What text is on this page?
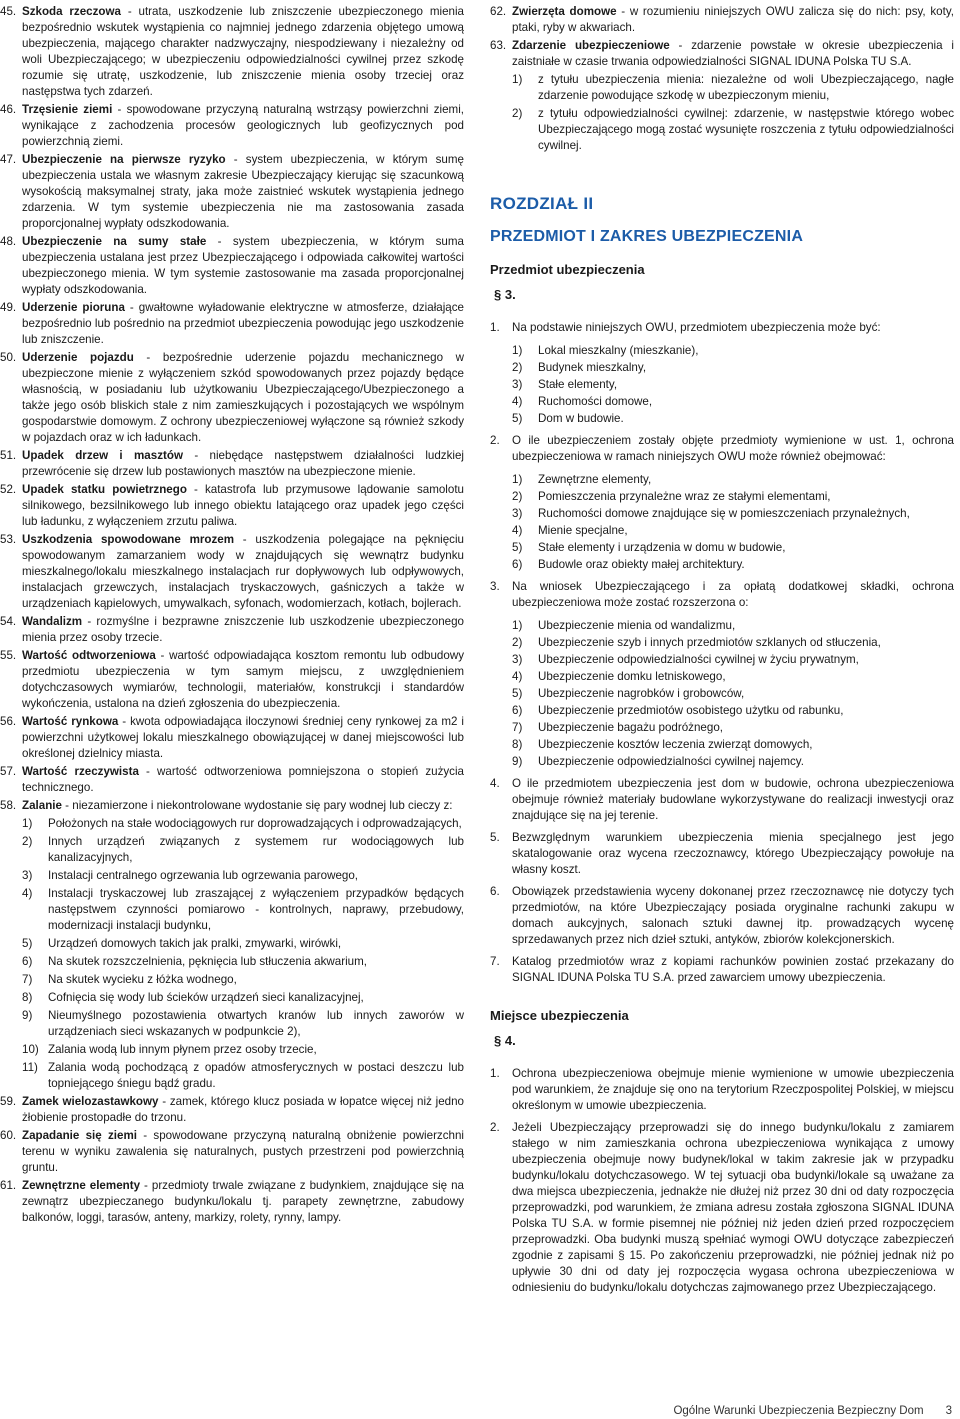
45. Szkoda rzeczowa - utrata, uszkodzenie lub zniszczenie ubezpieczonego mienia bezpośrednio wskutek wystąpienia co najmniej jednego zdarzenia objętego umową ubezpieczenia, mającego charakter nadzwyczajny, niespodziewany i niezależny od woli Ubezpieczającego; w ubezpieczeniu odpowiedzialności cywilnej przez szkodę rozumie się utratę, uszkodzenie, lub zniszczenie mienia osoby trzeciej oraz następstwa tych zdarzeń.
46. Trzęsienie ziemi - spowodowane przyczyną naturalną wstrząsy powierzchni ziemi, wynikające z zachodzenia procesów geologicznych lub geofizycznych pod powierzchnią ziemi.
47. Ubezpieczenie na pierwsze ryzyko - system ubezpieczenia, w którym sumę ubezpieczenia ustala we własnym zakresie Ubezpieczający kierując się szacunkową wysokością maksymalnej straty, jaka może zaistnieć wskutek wystąpienia jednego zdarzenia. W tym systemie ubezpieczenia nie ma zastosowania zasada proporcjonalnej wypłaty odszkodowania.
48. Ubezpieczenie na sumy stałe - system ubezpieczenia, w którym suma ubezpieczenia ustalana jest przez Ubezpieczającego i odpowiada całkowitej wartości ubezpieczonego mienia. W tym systemie zastosowanie ma zasada proporcjonalnej wypłaty odszkodowania.
49. Uderzenie pioruna - gwałtowne wyładowanie elektryczne w atmosferze, działające bezpośrednio lub pośrednio na przedmiot ubezpieczenia powodując jego uszkodzenie lub zniszczenie.
50. Uderzenie pojazdu - bezpośrednie uderzenie pojazdu mechanicznego w ubezpieczone mienie z wyłączeniem szkód spowodowanych przez pojazdy będące własnością, w posiadaniu lub użytkowaniu Ubezpieczającego/Ubezpieczonego a także jego osób bliskich stale z nim zamieszkujących i pozostających we wspólnym gospodarstwie domowym. Z ochrony ubezpieczeniowej wyłączone są również szkody w pojazdach oraz w ich ładunkach.
51. Upadek drzew i masztów - niebędące następstwem działalności ludzkiej przewrócenie się drzew lub postawionych masztów na ubezpieczone mienie.
52. Upadek statku powietrznego - katastrofa lub przymusowe lądowanie samolotu silnikowego, bezsilnikowego lub innego obiektu latającego oraz upadek jego części lub ładunku, z wyłączeniem zrzutu paliwa.
53. Uszkodzenia spowodowane mrozem - uszkodzenia polegające na pęknięciu spowodowanym zamarzaniem wody w znajdujących się wewnątrz budynku mieszkalnego/lokalu mieszkalnego instalacjach rur dopływowych lub odpływowych, instalacjach grzewczych, instalacjach tryskaczowych, gaśniczych a także w urządzeniach kąpielowych, umywalkach, syfonach, wodomierzach, kotłach, bojlerach.
54. Wandalizm - rozmyślne i bezprawne zniszczenie lub uszkodzenie ubezpieczonego mienia przez osoby trzecie.
55. Wartość odtworzeniowa - wartość odpowiadająca kosztom remontu lub odbudowy przedmiotu ubezpieczenia w tym samym miejscu, z uwzględnieniem dotychczasowych wymiarów, technologii, materiałów, konstrukcji i standardów wykończenia, ustalona na dzień zgłoszenia do ubezpieczenia.
56. Wartość rynkowa - kwota odpowiadająca iloczynowi średniej ceny rynkowej za m2 i powierzchni użytkowej lokalu mieszkalnego obowiązującej w danej miejscowości lub określonej dzielnicy miasta.
57. Wartość rzeczywista - wartość odtworzeniowa pomniejszona o stopień zużycia technicznego.
58. Zalanie - niezamierzone i niekontrolowane wydostanie się pary wodnej lub cieczy z:
1) Położonych na stałe wodociągowych rur doprowadzających i odprowadzających,
2) Innych urządzeń związanych z systemem rur wodociągowych lub kanalizacyjnych,
3) Instalacji centralnego ogrzewania lub ogrzewania parowego,
4) Instalacji tryskaczowej lub zraszającej z wyłączeniem przypadków będących następstwem czynności pomiarowo - kontrolnych, naprawy, przebudowy, modernizacji instalacji budynku,
5) Urządzeń domowych takich jak pralki, zmywarki, wirówki,
6) Na skutek rozszczelnienia, pęknięcia lub stłuczenia akwarium,
7) Na skutek wycieku z łóżka wodnego,
8) Cofnięcia się wody lub ścieków urządzeń sieci kanalizacyjnej,
9) Nieumyślnego pozostawienia otwartych kranów lub innych zaworów w urządzeniach sieci wskazanych w podpunkcie 2),
10) Zalania wodą lub innym płynem przez osoby trzecie,
11) Zalania wodą pochodzącą z opadów atmosferycznych w postaci deszczu lub topniejącego śniegu bądź gradu.
59. Zamek wielozastawkowy - zamek, którego klucz posiada w łopatce więcej niż jedno żłobienie prostopadłe do trzonu.
60. Zapadanie się ziemi - spowodowane przyczyną naturalną obniżenie powierzchni terenu w wyniku zawalenia się naturalnych, pustych przestrzeni pod powierzchnią gruntu.
61. Zewnętrzne elementy - przedmioty trwale związane z budynkiem, znajdujące się na zewnątrz ubezpieczanego budynku/lokalu tj. parapety zewnętrzne, zabudowy balkonów, loggi, tarasów, anteny, markizy, rolety, rynny, lampy.
62. Zwierzęta domowe - w rozumieniu niniejszych OWU zalicza się do nich: psy, koty, ptaki, ryby w akwariach.
63. Zdarzenie ubezpieczeniowe - zdarzenie powstałe w okresie ubezpieczenia i zaistniałe w czasie trwania odpowiedzialności SIGNAL IDUNA Polska TU S.A.
1) z tytułu ubezpieczenia mienia: niezależne od woli Ubezpieczającego, nagłe zdarzenie powodujące szkodę w ubezpieczonym mieniu,
2) z tytułu odpowiedzialności cywilnej: zdarzenie, w następstwie którego wobec Ubezpieczającego mogą zostać wysunięte roszczenia z tytułu odpowiedzialności cywilnej.
ROZDZIAŁ II
PRZEDMIOT I ZAKRES UBEZPIECZENIA
Przedmiot ubezpieczenia
§ 3.
1. Na podstawie niniejszych OWU, przedmiotem ubezpieczenia może być:
1) Lokal mieszkalny (mieszkanie),
2) Budynek mieszkalny,
3) Stałe elementy,
4) Ruchomości domowe,
5) Dom w budowie.
2. O ile ubezpieczeniem zostały objęte przedmioty wymienione w ust. 1, ochrona ubezpieczeniowa w ramach niniejszych OWU może również obejmować:
1) Zewnętrzne elementy,
2) Pomieszczenia przynależne wraz ze stałymi elementami,
3) Ruchomości domowe znajdujące się w pomieszczeniach przynależnych,
4) Mienie specjalne,
5) Stałe elementy i urządzenia w domu w budowie,
6) Budowle oraz obiekty małej architektury.
3. Na wniosek Ubezpieczającego i za opłatą dodatkowej składki, ochrona ubezpieczeniowa może zostać rozszerzona o:
1) Ubezpieczenie mienia od wandalizmu,
2) Ubezpieczenie szyb i innych przedmiotów szklanych od stłuczenia,
3) Ubezpieczenie odpowiedzialności cywilnej w życiu prywatnym,
4) Ubezpieczenie domku letniskowego,
5) Ubezpieczenie nagrobków i grobowców,
6) Ubezpieczenie przedmiotów osobistego użytku od rabunku,
7) Ubezpieczenie bagażu podróżnego,
8) Ubezpieczenie kosztów leczenia zwierząt domowych,
9) Ubezpieczenie odpowiedzialności cywilnej najemcy.
4. O ile przedmiotem ubezpieczenia jest dom w budowie, ochrona ubezpieczeniowa obejmuje również materiały budowlane wykorzystywane do realizacji inwestycji oraz znajdujące się na jej terenie.
5. Bezwzględnym warunkiem ubezpieczenia mienia specjalnego jest jego skatalogowanie oraz wycena rzeczoznawcy, którego Ubezpieczający powołuje na własny koszt.
6. Obowiązek przedstawienia wyceny dokonanej przez rzeczoznawcę nie dotyczy tych przedmiotów, na które Ubezpieczający posiada oryginalne rachunki zakupu w domach aukcyjnych, salonach sztuki dawnej itp. prowadzących wycenę sprzedawanych przez nich dzieł sztuki, antyków, zbiorów kolekcjonerskich.
7. Katalog przedmiotów wraz z kopiami rachunków powinien zostać przekazany do SIGNAL IDUNA Polska TU S.A. przed zawarciem umowy ubezpieczenia.
Miejsce ubezpieczenia
§ 4.
1. Ochrona ubezpieczeniowa obejmuje mienie wymienione w umowie ubezpieczenia pod warunkiem, że znajduje się ono na terytorium Rzeczpospolitej Polskiej, w miejscu określonym w umowie ubezpieczenia.
2. Jeżeli Ubezpieczający przeprowadzi się do innego budynku/lokalu z zamiarem stałego w nim zamieszkania ochrona ubezpieczeniowa wynikająca z umowy ubezpieczenia obejmuje nowy budynek/lokal w takim zakresie jak w przypadku budynku/lokalu dotychczasowego. W tej sytuacji oba budynki/lokale są uważane za dwa miejsca ubezpieczenia, jednakże nie dłużej niż przez 30 dni od daty rozpoczęcia przeprowadzki, pod warunkiem, że zmiana adresu została zgłoszona SIGNAL IDUNA Polska TU S.A. w formie pisemnej nie później niż jeden dzień przed rozpoczęciem przeprowadzki. Oba budynki muszą spełniać wymogi OWU dotyczące zabezpieczeń zgodnie z zapisami § 15. Po zakończeniu przeprowadzki, nie później jednak niż po upływie 30 dni od daty jej rozpoczęcia wygasa ochrona ubezpieczeniowa w odniesieniu do budynku/lokalu dotychczas zajmowanego przez Ubezpieczającego.
Ogólne Warunki Ubezpieczenia Bezpieczny Dom 3
